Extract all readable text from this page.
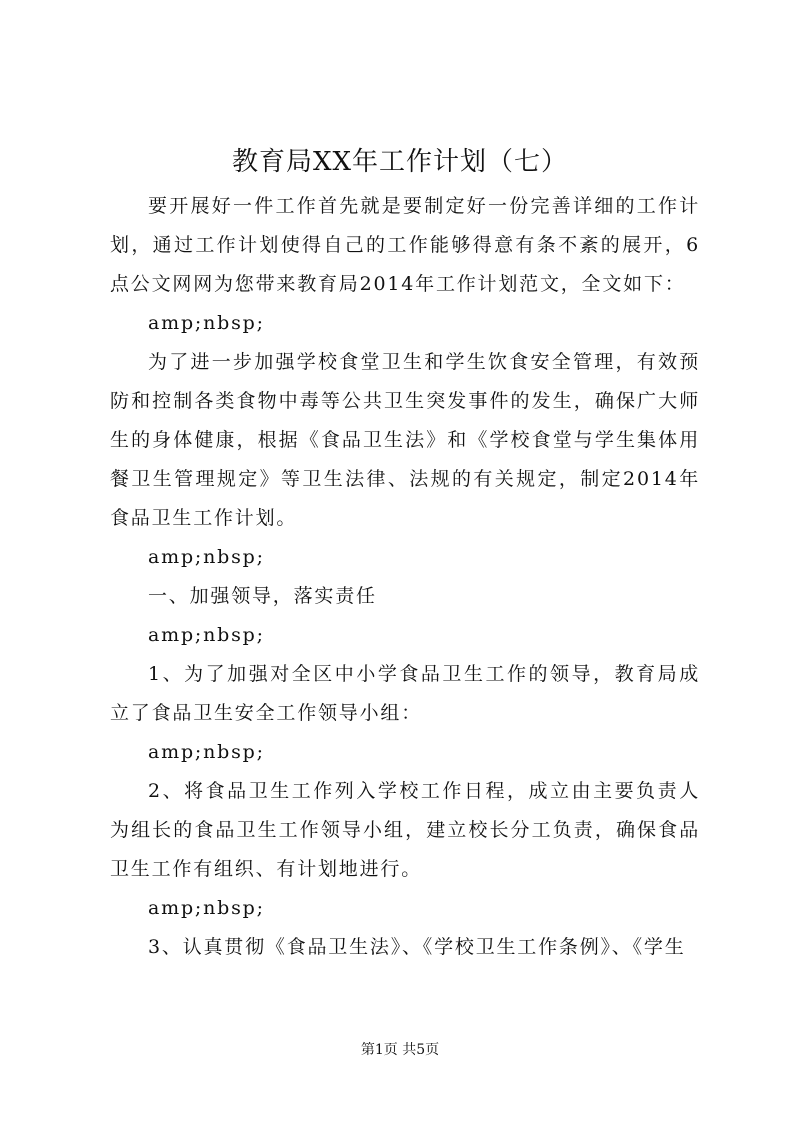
教育局XX年工作计划（七）

要开展好一件工作首先就是要制定好一份完善详细的工作计划，通过工作计划使得自己的工作能够得意有条不紊的展开，6点公文网网为您带来教育局2014年工作计划范文，全文如下：

amp;nbsp;

为了进一步加强学校食堂卫生和学生饮食安全管理，有效预防和控制各类食物中毒等公共卫生突发事件的发生，确保广大师生的身体健康，根据《食品卫生法》和《学校食堂与学生集体用餐卫生管理规定》等卫生法律、法规的有关规定，制定2014年食品卫生工作计划。

amp;nbsp;

一、加强领导，落实责任

amp;nbsp;

1、为了加强对全区中小学食品卫生工作的领导，教育局成立了食品卫生安全工作领导小组：

amp;nbsp;

2、将食品卫生工作列入学校工作日程，成立由主要负责人为组长的食品卫生工作领导小组，建立校长分工负责，确保食品卫生工作有组织、有计划地进行。

amp;nbsp;

3、认真贯彻《食品卫生法》、《学校卫生工作条例》、《学生

第1页 共5页
